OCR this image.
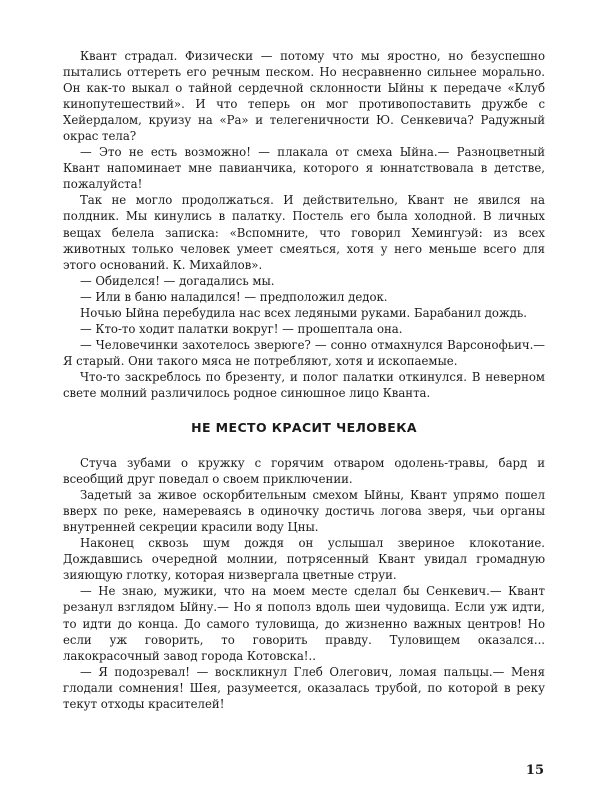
Квант страдал. Физически — потому что мы яростно, но безуспешно пытались оттереть его речным песком. Но несравненно сильнее морально. Он как-то выкал о тайной сердечной склонности Ыйны к передаче «Клуб кинопутешествий». И что теперь он мог противопоставить дружбе с Хейердалом, круизу на «Ра» и телегеничности Ю. Сенкевича? Радужный окрас тела?

— Это не есть возможно! — плакала от смеха Ыйна.— Разноцветный Квант напоминает мне павианчика, которого я юннатствовала в детстве, пожалуйста!

Так не могло продолжаться. И действительно, Квант не явился на полдник. Мы кинулись в палатку. Постель его была холодной. В личных вещах белела записка: «Вспомните, что говорил Хемингуэй: из всех животных только человек умеет смеяться, хотя у него меньше всего для этого оснований. К. Михайлов».

— Обиделся! — догадались мы.

— Или в баню наладился! — предположил дедок.

Ночью Ыйна перебудила нас всех ледяными руками. Барабанил дождь.

— Кто-то ходит палатки вокруг! — прошептала она.

— Человечинки захотелось зверюге? — сонно отмахнулся Варсонофьич.— Я старый. Они такого мяса не потребляют, хотя и ископаемые.

Что-то заскреблось по брезенту, и полог палатки откинулся. В неверном свете молний различилось родное синюшное лицо Кванта.

НЕ МЕСТО КРАСИТ ЧЕЛОВЕКА

Стуча зубами о кружку с горячим отваром одолень-травы, бард и всеобщий друг поведал о своем приключении.

Задетый за живое оскорбительным смехом Ыйны, Квант упрямо пошел вверх по реке, намереваясь в одиночку достичь логова зверя, чьи органы внутренней секреции красили воду Цны.

Наконец сквозь шум дождя он услышал звериное клокотание. Дождавшись очередной молнии, потрясенный Квант увидал громадную зияющую глотку, которая низвергала цветные струи.

— Не знаю, мужики, что на моем месте сделал бы Сенкевич.— Квант резанул взглядом Ыйну.— Но я пополз вдоль шеи чудовища. Если уж идти, то идти до конца. До самого туловища, до жизненно важных центров! Но если уж говорить, то говорить правду. Туловищем оказался... лакокрасочный завод города Котовска!..

— Я подозревал! — воскликнул Глеб Олегович, ломая пальцы.— Меня глодали сомнения! Шея, разумеется, оказалась трубой, по которой в реку текут отходы красителей!

15
